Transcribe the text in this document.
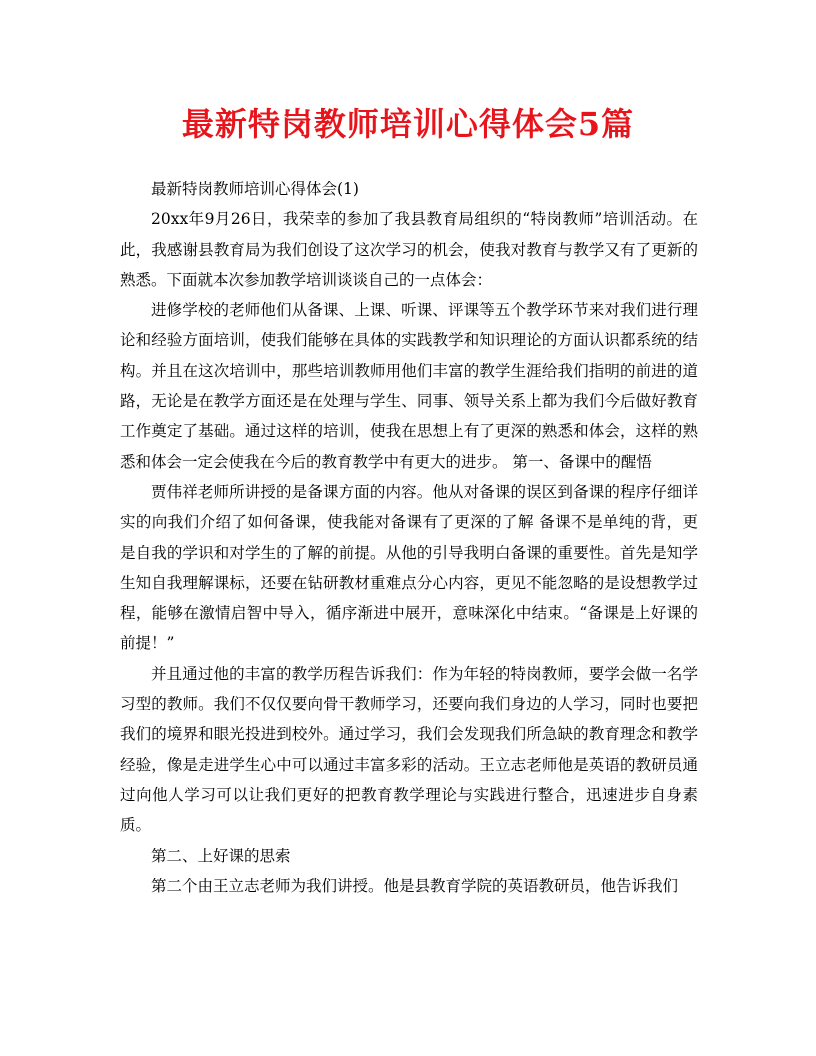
最新特岗教师培训心得体会5篇

最新特岗教师培训心得体会(1)

20xx年9月26日，我荣幸的参加了我县教育局组织的“特岗教师”培训活动。在此，我感谢县教育局为我们创设了这次学习的机会，使我对教育与教学又有了更新的熟悉。下面就本次参加教学培训谈谈自己的一点体会：

进修学校的老师他们从备课、上课、听课、评课等五个教学环节来对我们进行理论和经验方面培训，使我们能够在具体的实践教学和知识理论的方面认识都系统的结构。并且在这次培训中，那些培训教师用他们丰富的教学生涯给我们指明的前进的道路，无论是在教学方面还是在处理与学生、同事、领导关系上都为我们今后做好教育工作奠定了基础。通过这样的培训，使我在思想上有了更深的熟悉和体会，这样的熟悉和体会一定会使我在今后的教育教学中有更大的进步。 第一、备课中的醒悟

贾伟祥老师所讲授的是备课方面的内容。他从对备课的误区到备课的程序仔细详实的向我们介绍了如何备课，使我能对备课有了更深的了解 备课不是单纯的背，更是自我的学识和对学生的了解的前提。从他的引导我明白备课的重要性。首先是知学生知自我理解课标，还要在钻研教材重难点分心内容，更见不能忽略的是设想教学过程，能够在激情启智中导入，循序渐进中展开，意味深化中结束。“备课是上好课的前提！”

并且通过他的丰富的教学历程告诉我们：作为年轻的特岗教师，要学会做一名学习型的教师。我们不仅仅要向骨干教师学习，还要向我们身边的人学习，同时也要把我们的境界和眼光投进到校外。通过学习，我们会发现我们所急缺的教育理念和教学经验，像是走进学生心中可以通过丰富多彩的活动。王立志老师他是英语的教研员通过向他人学习可以让我们更好的把教育教学理论与实践进行整合，迅速进步自身素质。

第二、上好课的思索

第二个由王立志老师为我们讲授。他是县教育学院的英语教研员，他告诉我们
